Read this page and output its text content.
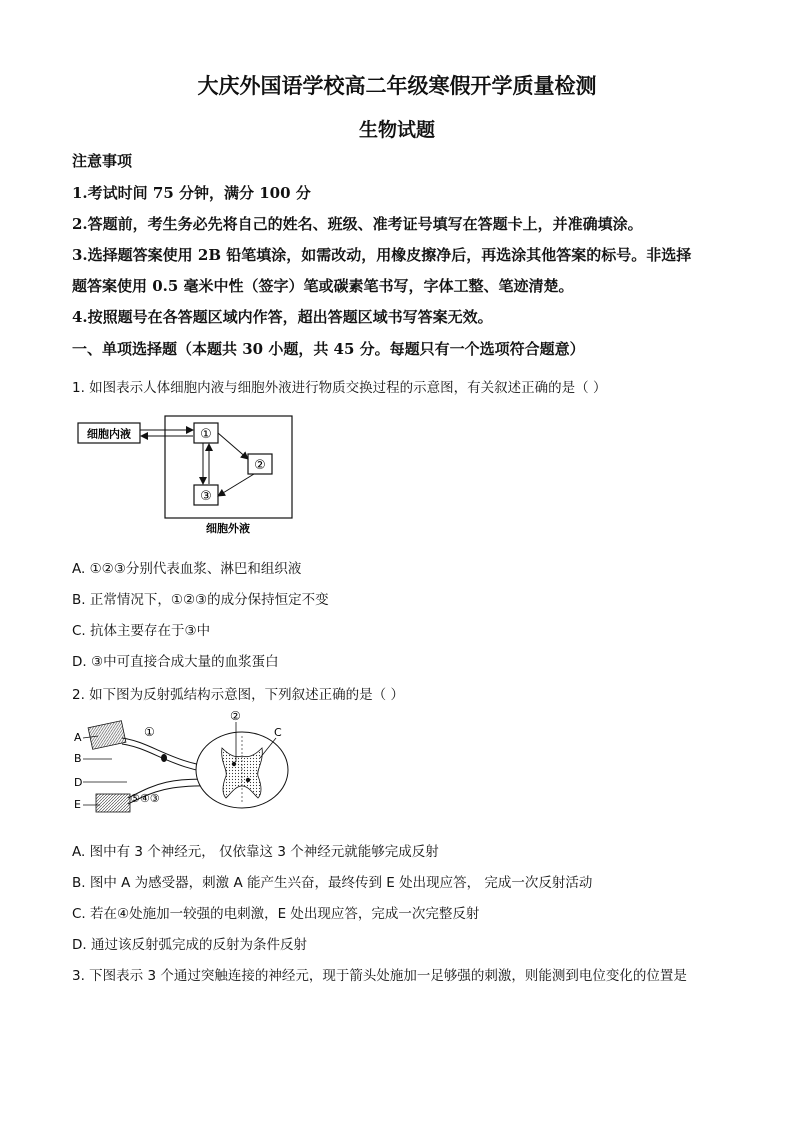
大庆外国语学校高二年级寒假开学质量检测
生物试题
注意事项
1.考试时间 75 分钟，满分 100 分
2.答题前，考生务必先将自己的姓名、班级、准考证号填写在答题卡上，并准确填涂。
3.选择题答案使用 2B 铅笔填涂，如需改动，用橡皮擦净后，再选涂其他答案的标号。非选择
题答案使用 0.5 毫米中性（签字）笔或碳素笔书写，字体工整、笔迹清楚。
4.按照题号在各答题区域内作答，超出答题区域书写答案无效。
一、单项选择题（本题共 30 小题，共 45 分。每题只有一个选项符合题意）
1. 如图表示人体细胞内液与细胞外液进行物质交换过程的示意图，有关叙述正确的是（ ）
细胞内液	①
②
③
细胞外液
A. ①②③分别代表血浆、淋巴和组织液
B. 正常情况下，①②③的成分保持恒定不变
C. 抗体主要存在于③中
D. ③中可直接合成大量的血浆蛋白
2. 如下图为反射弧结构示意图，下列叙述正确的是（ ）
A
B
D
E
①
②
C
⑤④③
A. 图中有 3 个神经元， 仅依靠这 3 个神经元就能够完成反射
B. 图中 A 为感受器，刺激 A 能产生兴奋，最终传到 E 处出现应答， 完成一次反射活动
C. 若在④处施加一较强的电刺激，E 处出现应答，完成一次完整反射
D. 通过该反射弧完成的反射为条件反射
3. 下图表示 3 个通过突触连接的神经元，现于箭头处施加一足够强的刺激，则能测到电位变化的位置是
